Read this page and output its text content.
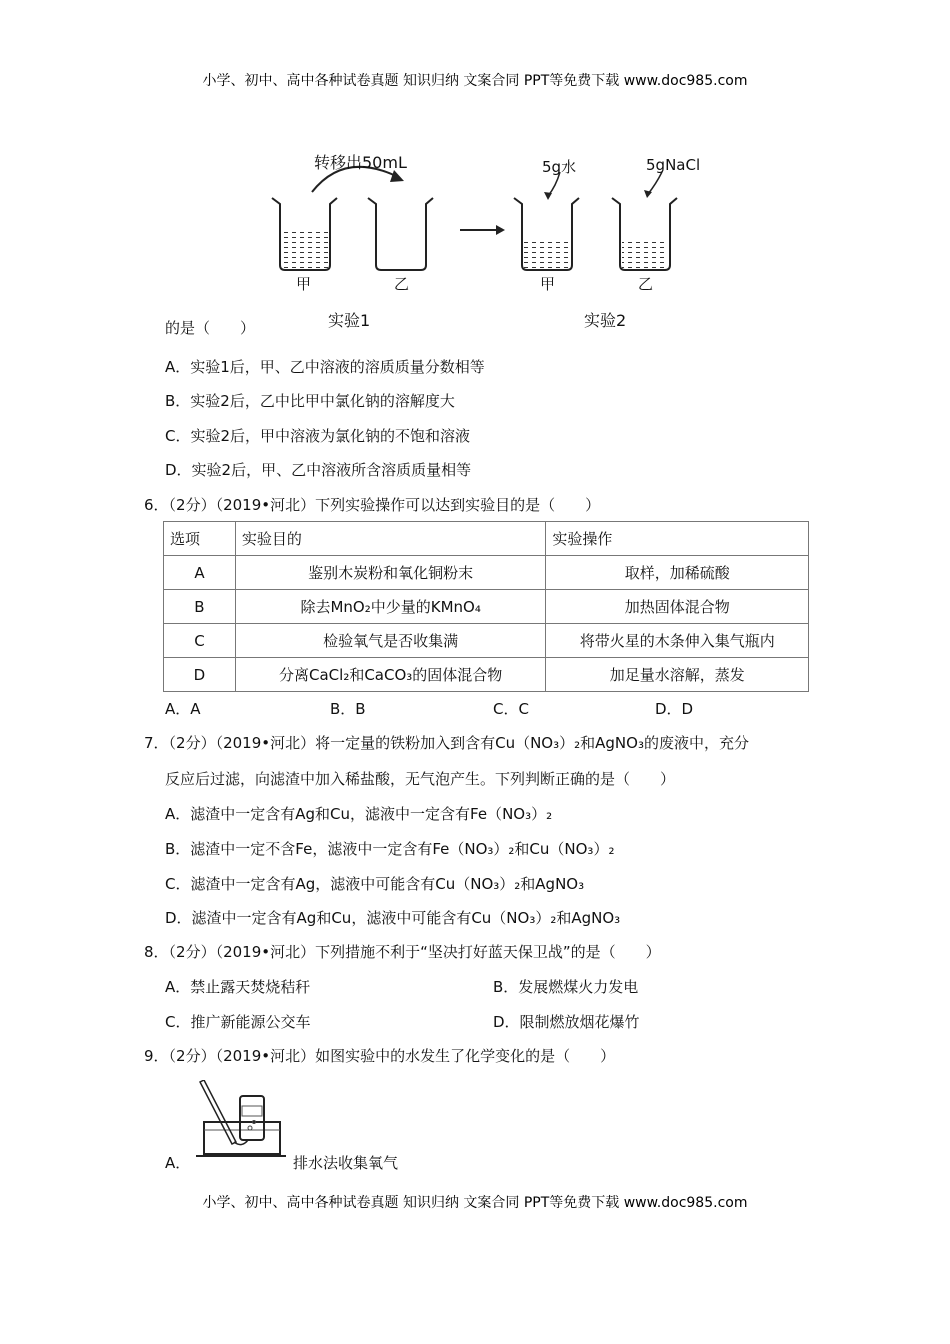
小学、初中、高中各种试卷真题 知识归纳 文案合同 PPT等免费下载 www.doc985.com
小学、初中、高中各种试卷真题 知识归纳 文案合同 PPT等免费下载 www.doc985.com
转移出50mL	5g水	5gNaCl
甲	乙	甲	乙
实验1	实验2
的是（　　）
A．实验1后，甲、乙中溶液的溶质质量分数相等
B．实验2后，乙中比甲中氯化钠的溶解度大
C．实验2后，甲中溶液为氯化钠的不饱和溶液
D．实验2后，甲、乙中溶液所含溶质质量相等
6．（2分）（2019•河北）下列实验操作可以达到实验目的是（　　）
选项	实验目的	实验操作
A	鉴别木炭粉和氧化铜粉末	取样，加稀硫酸
B	除去MnO₂中少量的KMnO₄	加热固体混合物
C	检验氧气是否收集满	将带火星的木条伸入集气瓶内
D	分离CaCl₂和CaCO₃的固体混合物	加足量水溶解，蒸发
A．A	B．B	C．C	D．D
7．（2分）（2019•河北）将一定量的铁粉加入到含有Cu（NO₃）₂和AgNO₃的废液中，充分
反应后过滤，向滤渣中加入稀盐酸，无气泡产生。下列判断正确的是（　　）
A．滤渣中一定含有Ag和Cu，滤液中一定含有Fe（NO₃）₂
B．滤渣中一定不含Fe，滤液中一定含有Fe（NO₃）₂和Cu（NO₃）₂
C．滤渣中一定含有Ag，滤液中可能含有Cu（NO₃）₂和AgNO₃
D．滤渣中一定含有Ag和Cu，滤液中可能含有Cu（NO₃）₂和AgNO₃
8．（2分）（2019•河北）下列措施不利于“坚决打好蓝天保卫战”的是（　　）
A．禁止露天焚烧秸秆	B．发展燃煤火力发电
C．推广新能源公交车	D．限制燃放烟花爆竹
9．（2分）（2019•河北）如图实验中的水发生了化学变化的是（　　）
A．	排水法收集氧气
